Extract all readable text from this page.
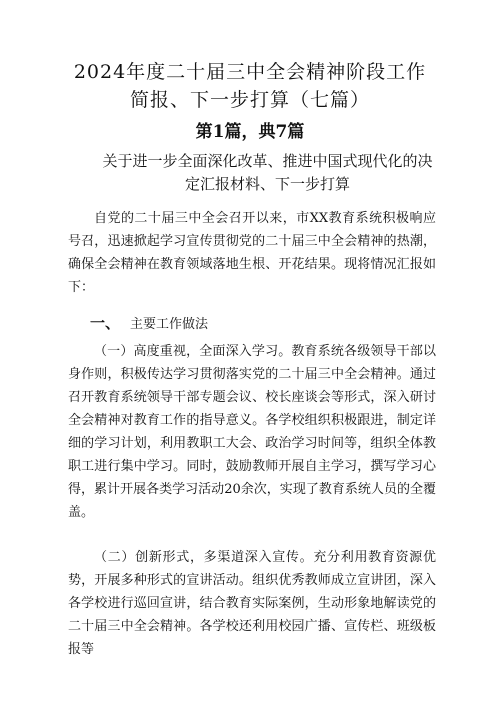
2024年度二十届三中全会精神阶段工作简报、下一步打算（七篇）
第1篇，典7篇
关于进一步全面深化改革、推进中国式现代化的决定汇报材料、下一步打算
自党的二十届三中全会召开以来，市XX教育系统积极响应号召，迅速掀起学习宣传贯彻党的二十届三中全会精神的热潮，确保全会精神在教育领域落地生根、开花结果。现将情况汇报如下：
一、 主要工作做法
（一）高度重视，全面深入学习。教育系统各级领导干部以身作则，积极传达学习贯彻落实党的二十届三中全会精神。通过召开教育系统领导干部专题会议、校长座谈会等形式，深入研讨全会精神对教育工作的指导意义。各学校组织积极跟进，制定详细的学习计划，利用教职工大会、政治学习时间等，组织全体教职工进行集中学习。同时，鼓励教师开展自主学习，撰写学习心得，累计开展各类学习活动20余次，实现了教育系统人员的全覆盖。
（二）创新形式，多渠道深入宣传。充分利用教育资源优势，开展多种形式的宣讲活动。组织优秀教师成立宣讲团，深入各学校进行巡回宣讲，结合教育实际案例，生动形象地解读党的二十届三中全会精神。各学校还利用校园广播、宣传栏、班级板报等
